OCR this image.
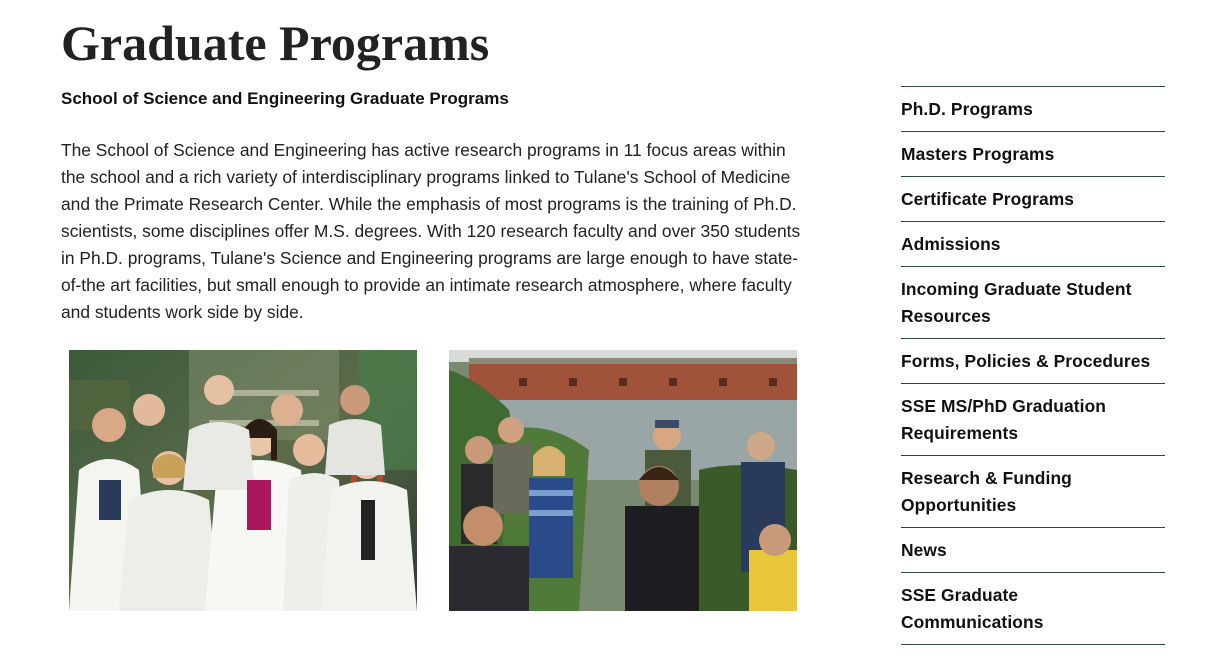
Graduate Programs
School of Science and Engineering Graduate Programs

The School of Science and Engineering has active research programs in 11 focus areas within the school and a rich variety of interdisciplinary programs linked to Tulane's School of Medicine and the Primate Research Center. While the emphasis of most programs is the training of Ph.D. scientists, some disciplines offer M.S. degrees. With 120 research faculty and over 350 students in Ph.D. programs, Tulane's Science and Engineering programs are large enough to have state-of-the art facilities, but small enough to provide an intimate research atmosphere, where faculty and students work side by side.

Ph.D. Programs
Masters Programs
Certificate Programs
Admissions
Incoming Graduate Student Resources
Forms, Policies & Procedures
SSE MS/PhD Graduation Requirements
Research & Funding Opportunities
News
SSE Graduate Communications
